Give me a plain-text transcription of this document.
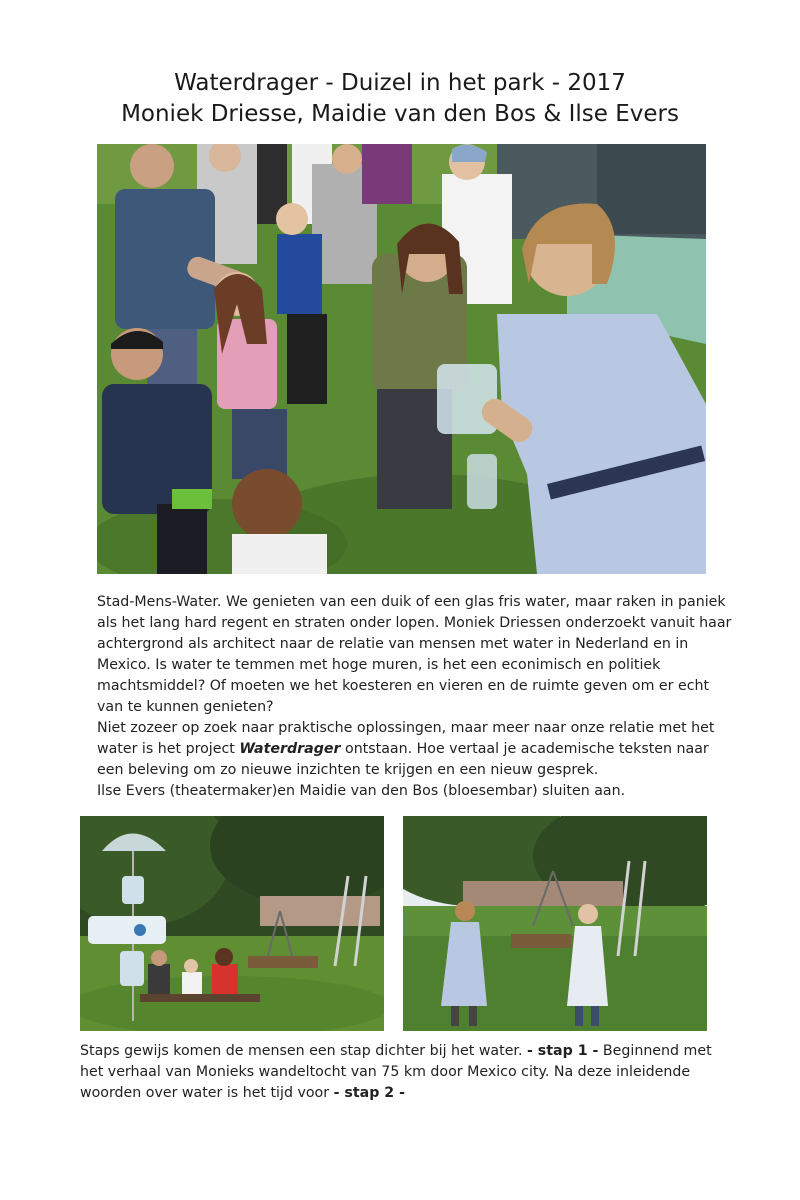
Waterdrager - Duizel in het park - 2017
Moniek Driesse, Maidie van den Bos & Ilse Evers

Stad-Mens-Water. We genieten van een duik of een glas fris water, maar raken in paniek als het lang hard regent en straten onder lopen. Moniek Driessen onderzoekt vanuit haar achtergrond als architect naar de relatie van mensen met water in Nederland en in Mexico. Is water te temmen met hoge muren, is het een econimisch en politiek machtsmiddel? Of moeten we het koesteren en vieren en de ruimte geven om er echt van te kunnen genieten?

Niet zozeer op zoek naar praktische oplossingen, maar meer naar onze relatie met het water is het project Waterdrager ontstaan. Hoe vertaal je academische teksten naar een beleving om zo nieuwe inzichten te krijgen en een nieuw gesprek.

Ilse Evers (theatermaker)en Maidie van den Bos (bloesembar) sluiten aan.

Staps gewijs komen de mensen een stap dichter bij het water. - stap 1 - Beginnend met het verhaal van Monieks wandeltocht van 75 km door Mexico city. Na deze inleidende woorden over water is het tijd voor - stap 2 -
